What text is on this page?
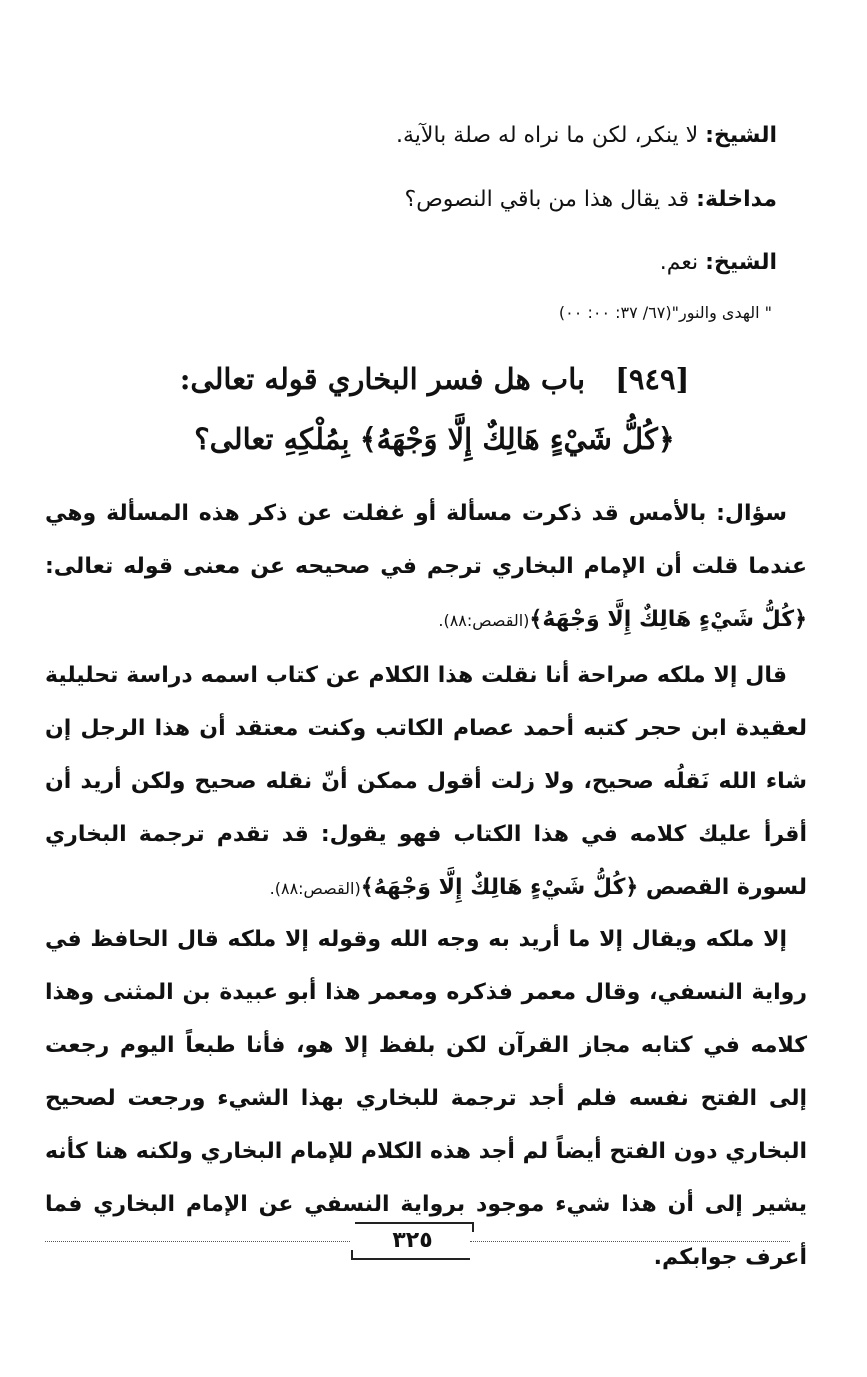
الشيخ: لا ينكر، لكن ما نراه له صلة بالآية.
مداخلة: قد يقال هذا من باقي النصوص؟
الشيخ: نعم.
" الهدى والنور"(٦٧/ ٣٧: ٠٠: ٠٠)
[٩٤٩]باب هل فسر البخاري قوله تعالى:
﴿كُلُّ شَيْءٍ هَالِكٌ إِلَّا وَجْهَهُ﴾ بِمُلْكِهِ تعالى؟
سؤال: بالأمس قد ذكرت مسألة أو غفلت عن ذكر هذه المسألة وهي عندما قلت أن الإمام البخاري ترجم في صحيحه عن معنى قوله تعالى: ﴿كُلُّ شَيْءٍ هَالِكٌ إِلَّا وَجْهَهُ﴾(القصص:٨٨).
قال إلا ملكه صراحة أنا نقلت هذا الكلام عن كتاب اسمه دراسة تحليلية لعقيدة ابن حجر كتبه أحمد عصام الكاتب وكنت معتقد أن هذا الرجل إن شاء الله نَقلُه صحيح، ولا زلت أقول ممكن أنّ نقله صحيح ولكن أريد أن أقرأ عليك كلامه في هذا الكتاب فهو يقول: قد تقدم ترجمة البخاري لسورة القصص ﴿كُلُّ شَيْءٍ هَالِكٌ إِلَّا وَجْهَهُ﴾(القصص:٨٨).
إلا ملكه ويقال إلا ما أريد به وجه الله وقوله إلا ملكه قال الحافظ في رواية النسفي، وقال معمر فذكره ومعمر هذا أبو عبيدة بن المثنى وهذا كلامه في كتابه مجاز القرآن لكن بلفظ إلا هو، فأنا طبعاً اليوم رجعت إلى الفتح نفسه فلم أجد ترجمة للبخاري بهذا الشيء ورجعت لصحيح البخاري دون الفتح أيضاً لم أجد هذه الكلام للإمام البخاري ولكنه هنا كأنه يشير إلى أن هذا شيء موجود برواية النسفي عن الإمام البخاري فما أعرف جوابكم.
٣٢٥
